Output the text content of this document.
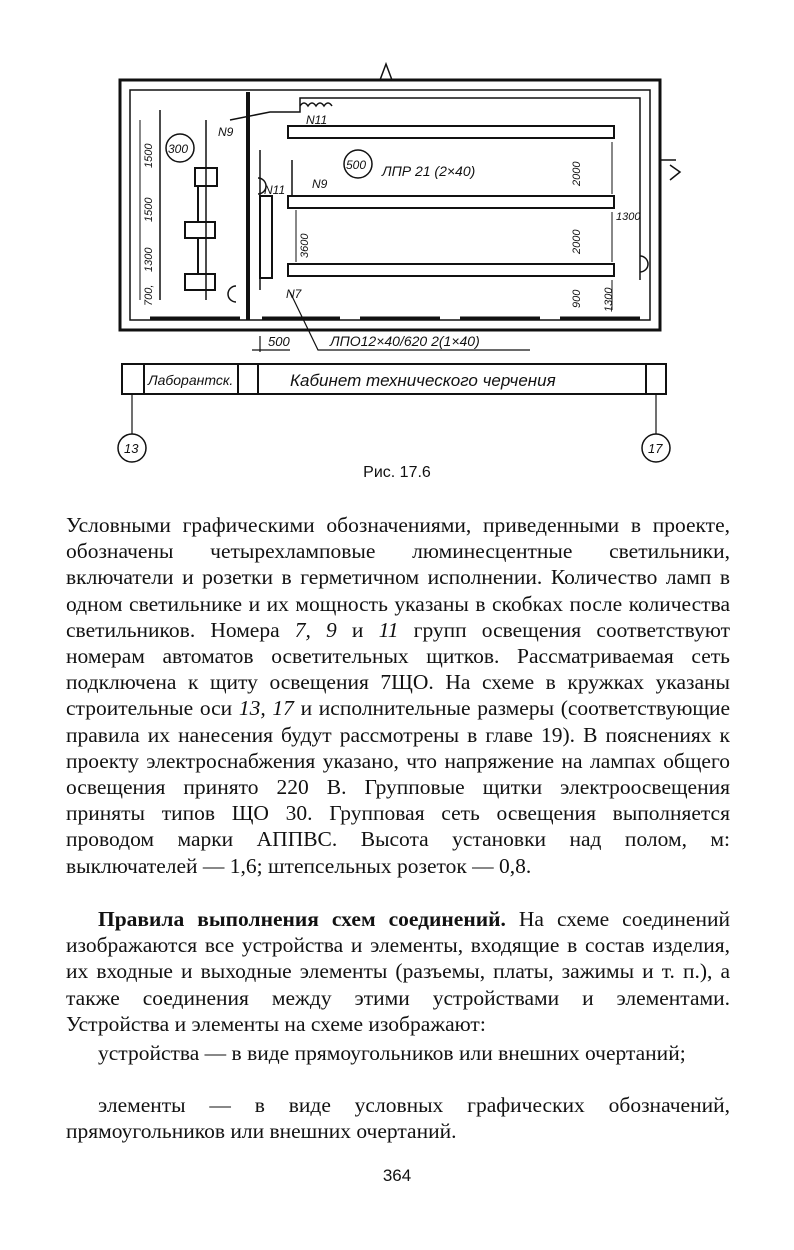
Лаборантск.	Кабинет технического черчения
13	17
300
500 ЛПР 21 (2×40)
ЛПО12×40/620 2(1×40)
N9
N11
N9
N11
N7
500
1500
1500
1300
700,
3600
2000
2000
1300
900 1300
Рис. 17.6

Условными графическими обозначениями, приведенными в проекте, обозначены четырехламповые люминесцентные светильники, включатели и розетки в герметичном исполнении. Количество ламп в одном светильнике и их мощность указаны в скобках после количества светильников. Номера 7, 9 и 11 групп освещения соответствуют номерам автоматов осветительных щитков. Рассматриваемая сеть подключена к щиту освещения 7ЩО. На схеме в кружках указаны строительные оси 13, 17 и исполнительные размеры (соответствующие правила их нанесения будут рассмотрены в главе 19). В пояснениях к проекту электроснабжения указано, что напряжение на лампах общего освещения принято 220 В. Групповые щитки электроосвещения приняты типов ЩО 30. Групповая сеть освещения выполняется проводом марки АППВС. Высота установки над полом, м: выключателей — 1,6; штепсельных розеток — 0,8.

Правила выполнения схем соединений. На схеме соединений изображаются все устройства и элементы, входящие в состав изделия, их входные и выходные элементы (разъемы, платы, зажимы и т. п.), а также соединения между этими устройствами и элементами. Устройства и элементы на схеме изображают:

устройства — в виде прямоугольников или внешних очертаний;

элементы — в виде условных графических обозначений, прямоугольников или внешних очертаний.

364
